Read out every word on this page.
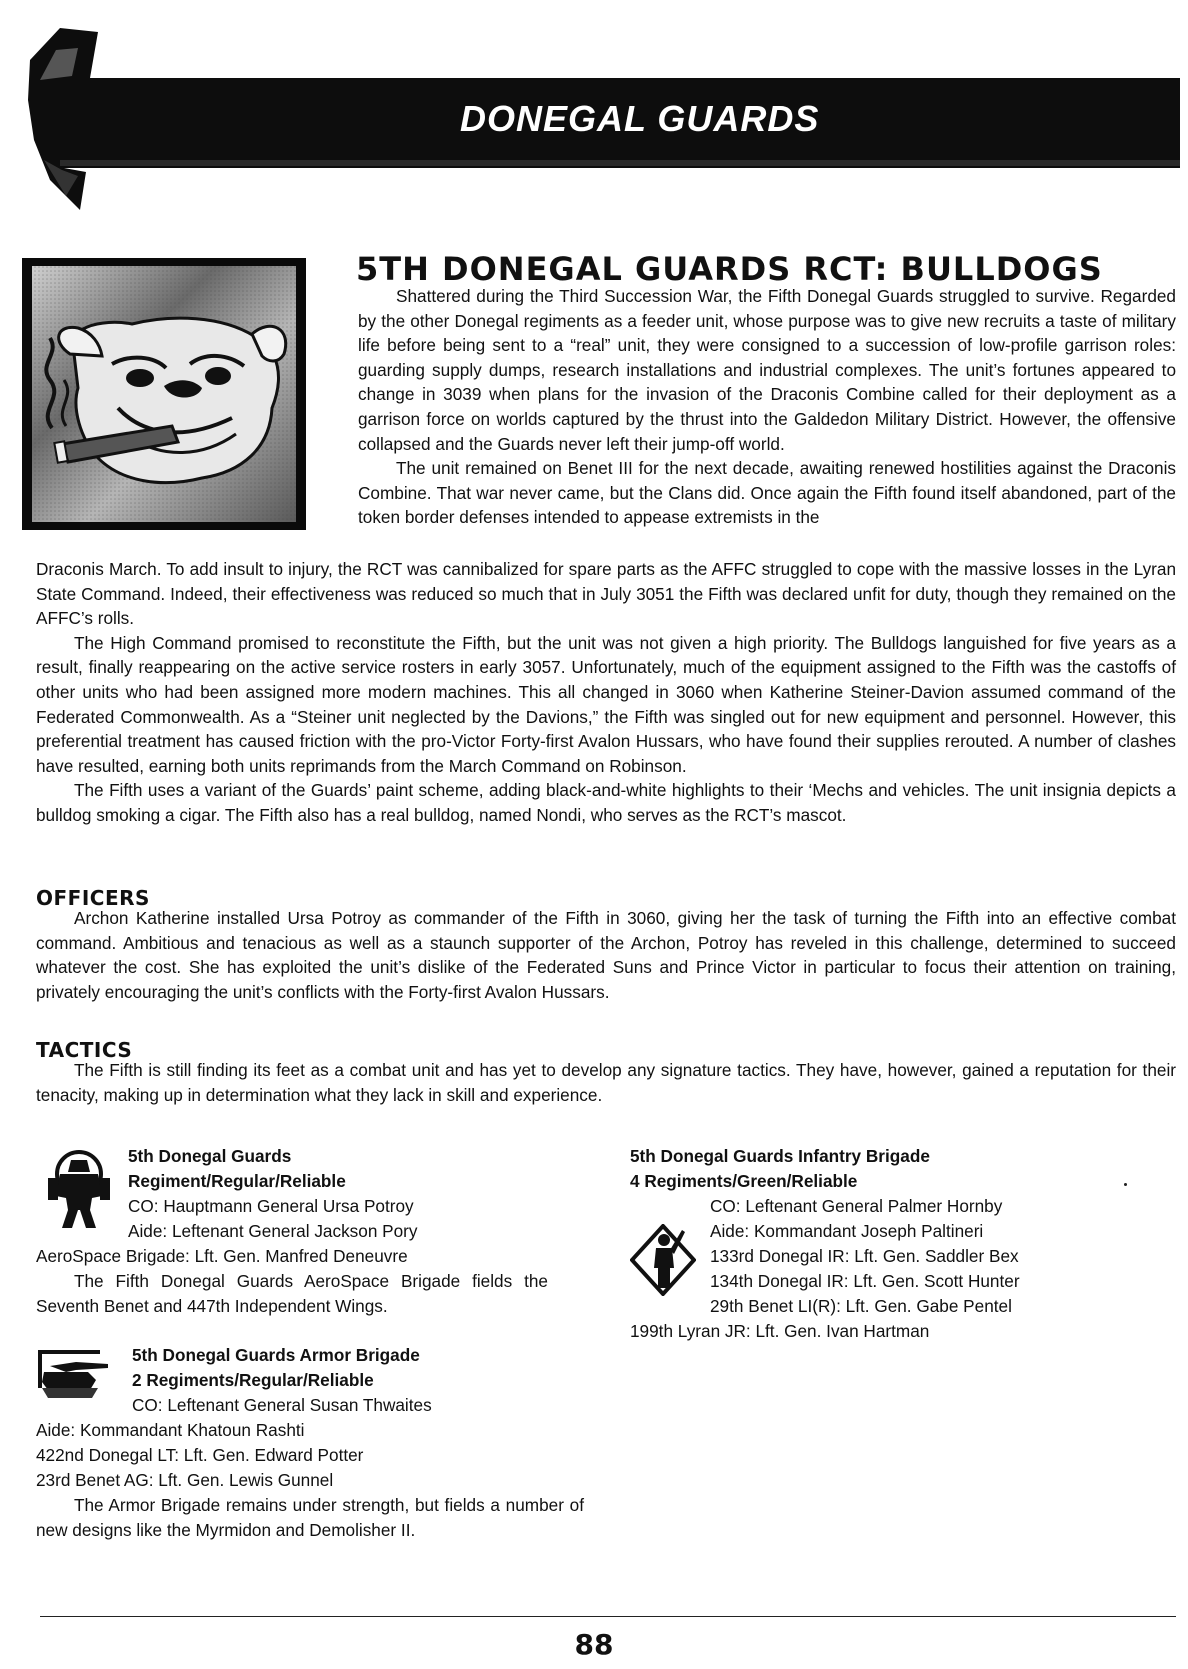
DONEGAL GUARDS
5TH DONEGAL GUARDS RCT: BULLDOGS

Shattered during the Third Succession War, the Fifth Donegal Guards struggled to survive. Regarded by the other Donegal regiments as a feeder unit, whose purpose was to give new recruits a taste of military life before being sent to a “real” unit, they were consigned to a succession of low-profile garrison roles: guarding supply dumps, research installations and industrial complexes. The unit’s fortunes appeared to change in 3039 when plans for the invasion of the Draconis Combine called for their deployment as a garrison force on worlds captured by the thrust into the Galdedon Military District. However, the offensive collapsed and the Guards never left their jump-off world.

The unit remained on Benet III for the next decade, awaiting renewed hostilities against the Draconis Combine. That war never came, but the Clans did. Once again the Fifth found itself abandoned, part of the token border defenses intended to appease extremists in the

Draconis March. To add insult to injury, the RCT was cannibalized for spare parts as the AFFC struggled to cope with the massive losses in the Lyran State Command. Indeed, their effectiveness was reduced so much that in July 3051 the Fifth was declared unfit for duty, though they remained on the AFFC’s rolls.

The High Command promised to reconstitute the Fifth, but the unit was not given a high priority. The Bulldogs languished for five years as a result, finally reappearing on the active service rosters in early 3057. Unfortunately, much of the equipment assigned to the Fifth was the castoffs of other units who had been assigned more modern machines. This all changed in 3060 when Katherine Steiner-Davion assumed command of the Federated Commonwealth. As a “Steiner unit neglected by the Davions,” the Fifth was singled out for new equipment and personnel. However, this preferential treatment has caused friction with the pro-Victor Forty-first Avalon Hussars, who have found their supplies rerouted. A number of clashes have resulted, earning both units reprimands from the March Command on Robinson.

The Fifth uses a variant of the Guards’ paint scheme, adding black-and-white highlights to their ‘Mechs and vehicles. The unit insignia depicts a bulldog smoking a cigar. The Fifth also has a real bulldog, named Nondi, who serves as the RCT’s mascot.

OFFICERS

Archon Katherine installed Ursa Potroy as commander of the Fifth in 3060, giving her the task of turning the Fifth into an effective combat command. Ambitious and tenacious as well as a staunch supporter of the Archon, Potroy has reveled in this challenge, determined to succeed whatever the cost. She has exploited the unit’s dislike of the Federated Suns and Prince Victor in particular to focus their attention on training, privately encouraging the unit’s conflicts with the Forty-first Avalon Hussars.

TACTICS

The Fifth is still finding its feet as a combat unit and has yet to develop any signature tactics. They have, however, gained a reputation for their tenacity, making up in determination what they lack in skill and experience.

5th Donegal Guards
Regiment/Regular/Reliable
CO: Hauptmann General Ursa Potroy
Aide: Leftenant General Jackson Pory
AeroSpace Brigade: Lft. Gen. Manfred Deneuvre
The Fifth Donegal Guards AeroSpace Brigade fields the Seventh Benet and 447th Independent Wings.
5th Donegal Guards Armor Brigade
2 Regiments/Regular/Reliable
CO: Leftenant General Susan Thwaites
Aide: Kommandant Khatoun Rashti
422nd Donegal LT: Lft. Gen. Edward Potter
23rd Benet AG: Lft. Gen. Lewis Gunnel
The Armor Brigade remains under strength, but fields a number of new designs like the Myrmidon and Demolisher II.
5th Donegal Guards Infantry Brigade
4 Regiments/Green/Reliable
CO: Leftenant General Palmer Hornby
Aide: Kommandant Joseph Paltineri
133rd Donegal IR: Lft. Gen. Saddler Bex
134th Donegal IR: Lft. Gen. Scott Hunter
29th Benet LI(R): Lft. Gen. Gabe Pentel
199th Lyran JR: Lft. Gen. Ivan Hartman
88
